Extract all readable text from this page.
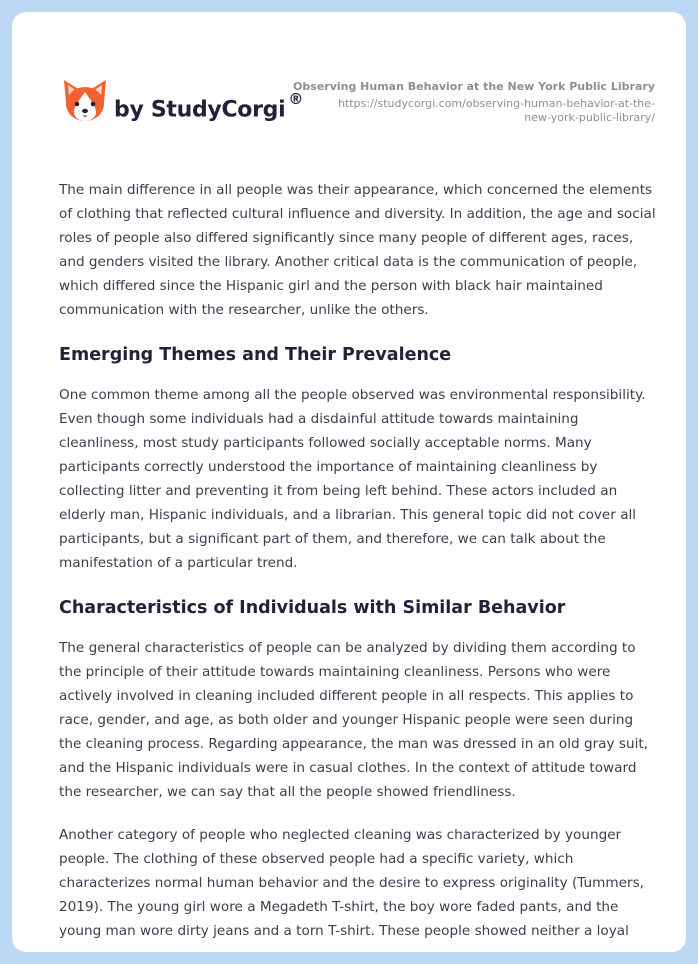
by StudyCorgi ®
Observing Human Behavior at the New York Public Library
https://studycorgi.com/observing-human-behavior-at-the-new-york-public-library/

The main difference in all people was their appearance, which concerned the elements of clothing that reflected cultural influence and diversity. In addition, the age and social roles of people also differed significantly since many people of different ages, races, and genders visited the library. Another critical data is the communication of people, which differed since the Hispanic girl and the person with black hair maintained communication with the researcher, unlike the others.

Emerging Themes and Their Prevalence

One common theme among all the people observed was environmental responsibility. Even though some individuals had a disdainful attitude towards maintaining cleanliness, most study participants followed socially acceptable norms. Many participants correctly understood the importance of maintaining cleanliness by collecting litter and preventing it from being left behind. These actors included an elderly man, Hispanic individuals, and a librarian. This general topic did not cover all participants, but a significant part of them, and therefore, we can talk about the manifestation of a particular trend.

Characteristics of Individuals with Similar Behavior

The general characteristics of people can be analyzed by dividing them according to the principle of their attitude towards maintaining cleanliness. Persons who were actively involved in cleaning included different people in all respects. This applies to race, gender, and age, as both older and younger Hispanic people were seen during the cleaning process. Regarding appearance, the man was dressed in an old gray suit, and the Hispanic individuals were in casual clothes. In the context of attitude toward the researcher, we can say that all the people showed friendliness.

Another category of people who neglected cleaning was characterized by younger people. The clothing of these observed people had a specific variety, which characterizes normal human behavior and the desire to express originality (Tummers, 2019). The young girl wore a Megadeth T-shirt, the boy wore faded pants, and the young man wore dirty jeans and a torn T-shirt. These people showed neither a loyal
